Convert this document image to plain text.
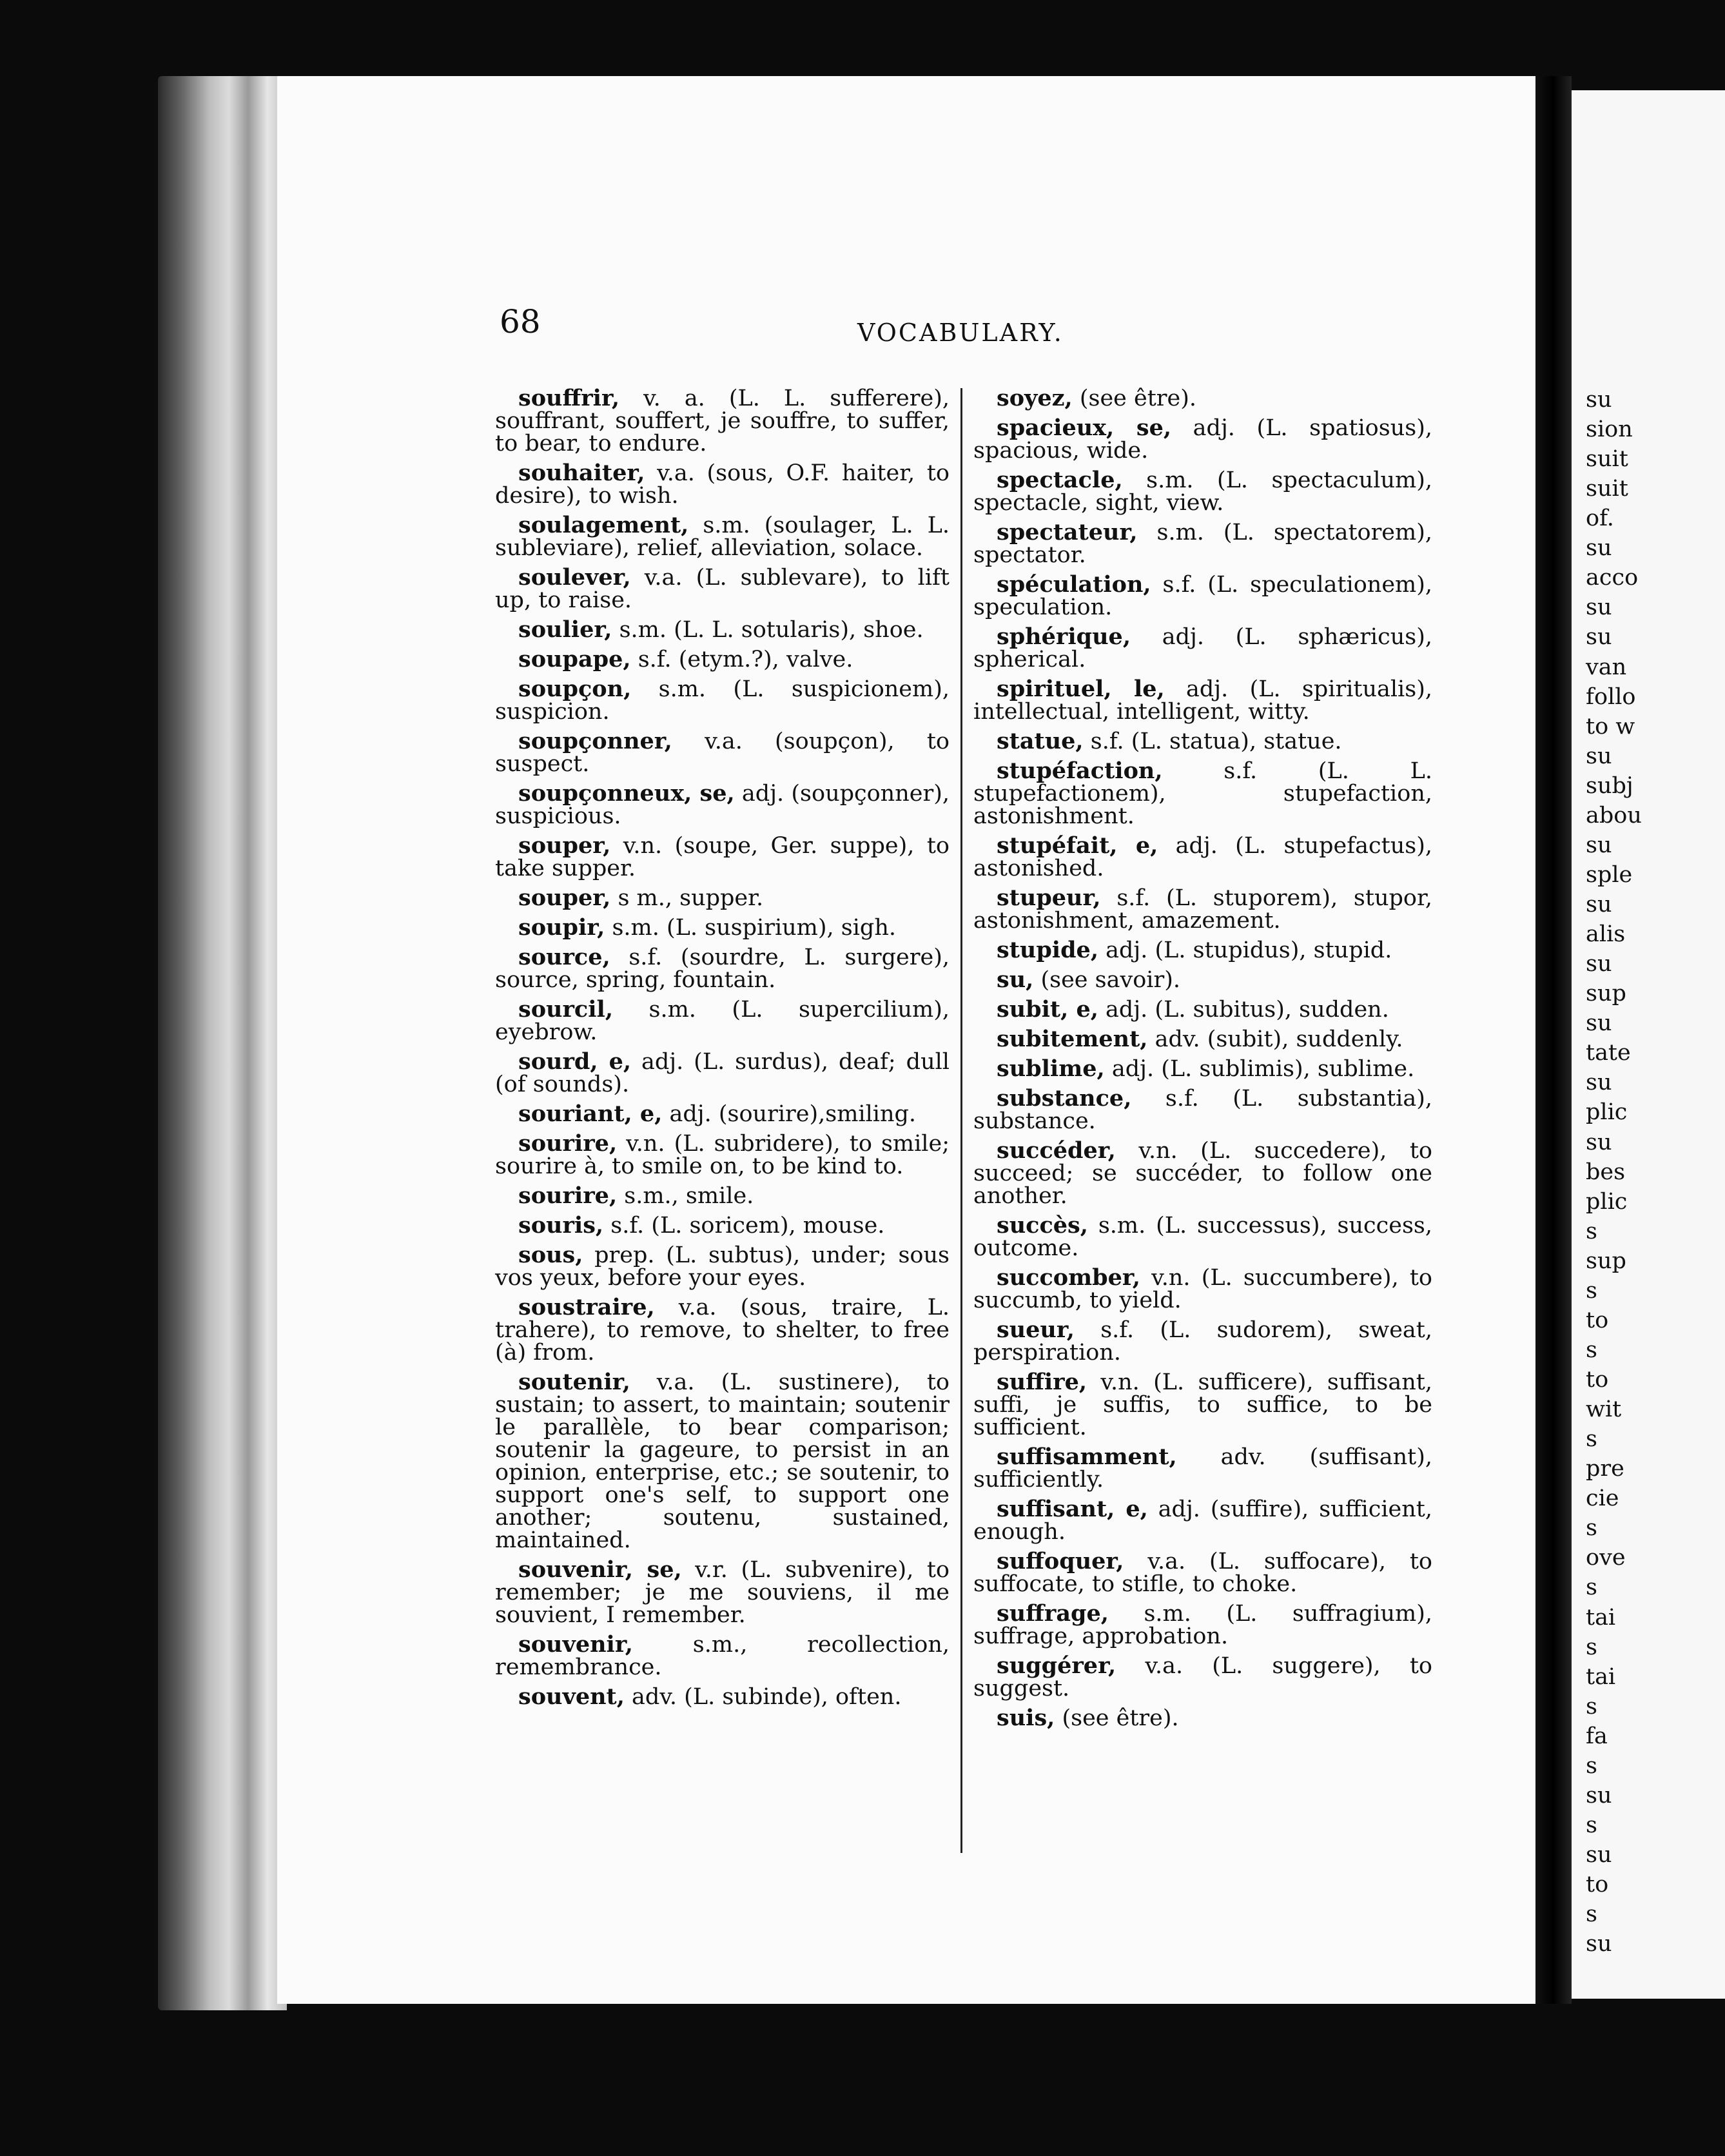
su
sion
suit
suit
of.
su
acco
su
su
van
follo
to w
su
subj
abou
su
sple
su
alis
su
sup
su
tate
su
plic
su
bes
plic
s
sup
s
to
s
to
wit
s
pre
cie
s
ove
s
tai
s
tai
s
fa
s
su
s
su
to
s
su
68	VOCABULARY.

souffrir, v. a. (L. L. sufferere), souffrant, souffert, je souffre, to suffer, to bear, to endure.

souhaiter, v.a. (sous, O.F. haiter, to desire), to wish.

soulagement, s.m. (soulager, L. L. subleviare), relief, alleviation, solace.

soulever, v.a. (L. sublevare), to lift up, to raise.

soulier, s.m. (L. L. sotularis), shoe.

soupape, s.f. (etym.?), valve.

soupçon, s.m. (L. suspicionem), suspicion.

soupçonner, v.a. (soupçon), to suspect.

soupçonneux, se, adj. (soupçonner), suspicious.

souper, v.n. (soupe, Ger. suppe), to take supper.

souper, s m., supper.

soupir, s.m. (L. suspirium), sigh.

source, s.f. (sourdre, L. surgere), source, spring, fountain.

sourcil, s.m. (L. supercilium), eyebrow.

sourd, e, adj. (L. surdus), deaf; dull (of sounds).

souriant, e, adj. (sourire),smiling.

sourire, v.n. (L. subridere), to smile; sourire à, to smile on, to be kind to.

sourire, s.m., smile.

souris, s.f. (L. soricem), mouse.

sous, prep. (L. subtus), under; sous vos yeux, before your eyes.

soustraire, v.a. (sous, traire, L. trahere), to remove, to shelter, to free (à) from.

soutenir, v.a. (L. sustinere), to sustain; to assert, to maintain; soutenir le parallèle, to bear comparison; soutenir la gageure, to persist in an opinion, enterprise, etc.; se soutenir, to support one's self, to support one another; soutenu, sustained, maintained.

souvenir, se, v.r. (L. subvenire), to remember; je me souviens, il me souvient, I remember.

souvenir, s.m., recollection, remembrance.

souvent, adv. (L. subinde), often.

soyez, (see être).

spacieux, se, adj. (L. spatiosus), spacious, wide.

spectacle, s.m. (L. spectaculum), spectacle, sight, view.

spectateur, s.m. (L. spectatorem), spectator.

spéculation, s.f. (L. speculationem), speculation.

sphérique, adj. (L. sphæricus), spherical.

spirituel, le, adj. (L. spiritualis), intellectual, intelligent, witty.

statue, s.f. (L. statua), statue.

stupéfaction, s.f. (L. L. stupefactionem), stupefaction, astonishment.

stupéfait, e, adj. (L. stupefactus), astonished.

stupeur, s.f. (L. stuporem), stupor, astonishment, amazement.

stupide, adj. (L. stupidus), stupid.

su, (see savoir).

subit, e, adj. (L. subitus), sudden.

subitement, adv. (subit), suddenly.

sublime, adj. (L. sublimis), sublime.

substance, s.f. (L. substantia), substance.

succéder, v.n. (L. succedere), to succeed; se succéder, to follow one another.

succès, s.m. (L. successus), success, outcome.

succomber, v.n. (L. succumbere), to succumb, to yield.

sueur, s.f. (L. sudorem), sweat, perspiration.

suffire, v.n. (L. sufficere), suffisant, suffi, je suffis, to suffice, to be sufficient.

suffisamment, adv. (suffisant), sufficiently.

suffisant, e, adj. (suffire), sufficient, enough.

suffoquer, v.a. (L. suffocare), to suffocate, to stifle, to choke.

suffrage, s.m. (L. suffragium), suffrage, approbation.

suggérer, v.a. (L. suggere), to suggest.

suis, (see être).
